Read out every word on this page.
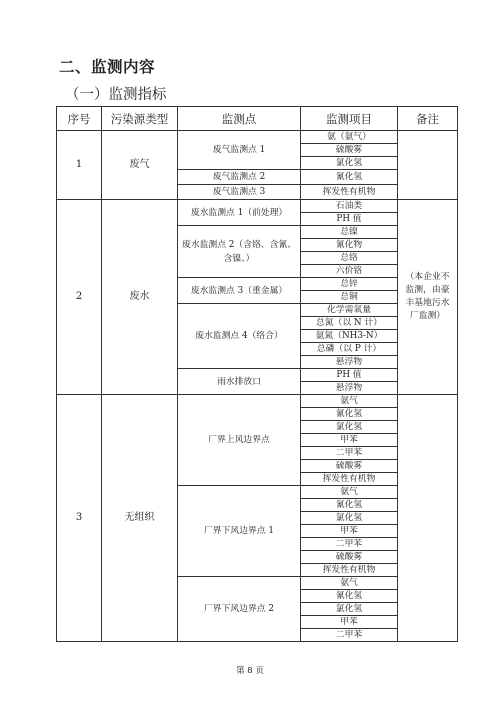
二、监测内容
（一）监测指标
序号	污染源类型	监测点	监测项目	备注
1	废气	废气监测点 1	氨（氨气）	
			硫酸雾	
			氯化氢	
		废气监测点 2	氰化氢	
		废气监测点 3	挥发性有机物	
2	废水	废水监测点 1（前处理）	石油类	（本企业不监测，由豪丰基地污水厂监测）
			PH 值	
		废水监测点 2（含铬、含氰、含镍、）	总镍	
			氰化物	
			总铬	
			六价铬	
		废水监测点 3（重金属）	总锌	
			总铜	
		废水监测点 4（络合）	化学需氧量	
			总氮（以 N 计）	
			氨氮（NH3-N）	
			总磷（以 P 计）	
			悬浮物	
		雨水排放口	PH 值	
			悬浮物	
3	无组织	厂界上风边界点	氨气	
			氰化氢	
			氯化氢	
			甲苯	
			二甲苯	
			硫酸雾	
			挥发性有机物	
		厂界下风边界点 1	氨气	
			氰化氢	
			氯化氢	
			甲苯	
			二甲苯	
			硫酸雾	
			挥发性有机物	
		厂界下风边界点 2	氨气	
			氰化氢	
			氯化氢	
			甲苯	
			二甲苯	
第 8 页
